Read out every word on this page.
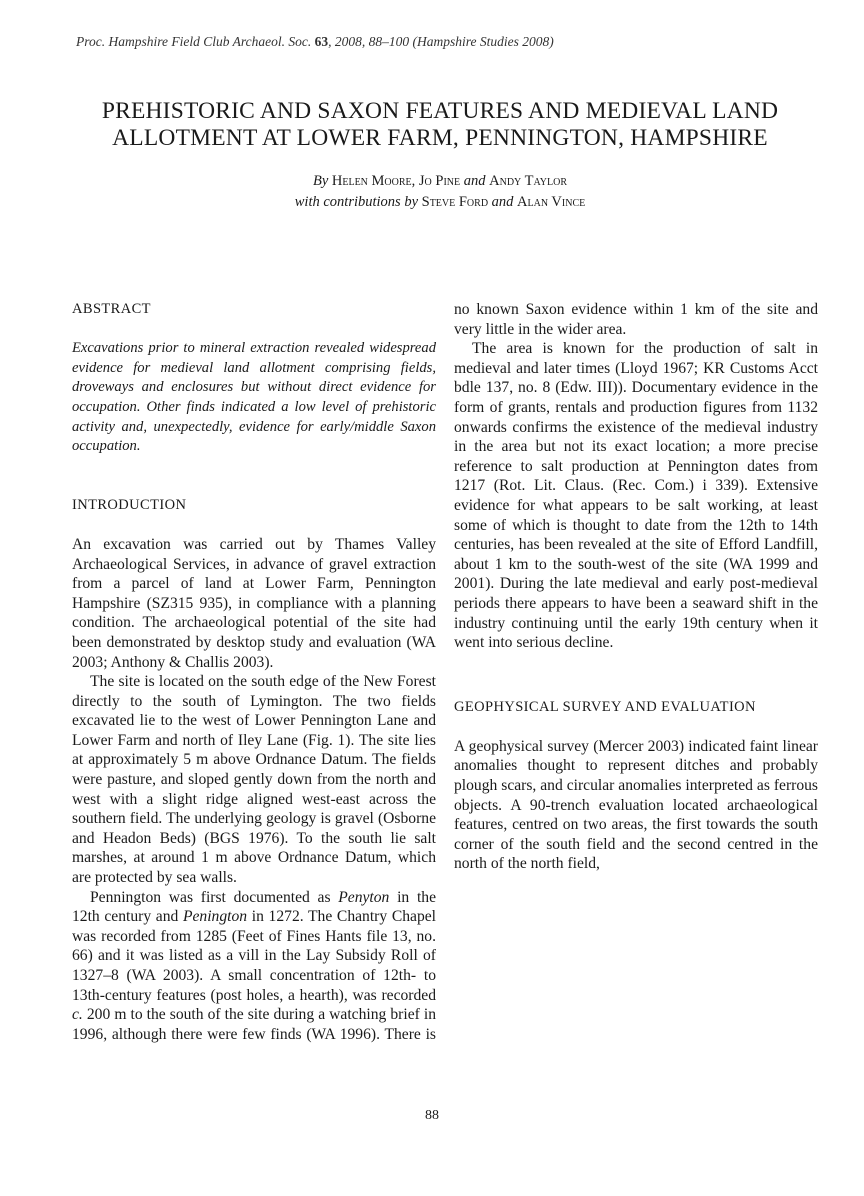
Proc. Hampshire Field Club Archaeol. Soc. 63, 2008, 88–100 (Hampshire Studies 2008)
PREHISTORIC AND SAXON FEATURES AND MEDIEVAL LAND
ALLOTMENT AT LOWER FARM, PENNINGTON, HAMPSHIRE
By Helen Moore, Jo Pine and Andy Taylor
with contributions by Steve Ford and Alan Vince
ABSTRACT

Excavations prior to mineral extraction revealed widespread evidence for medieval land allotment comprising fields, droveways and enclosures but without direct evidence for occupation. Other finds indicated a low level of prehistoric activity and, unexpectedly, evidence for early/middle Saxon occupation.

INTRODUCTION

An excavation was carried out by Thames Valley Archaeological Services, in advance of gravel extraction from a parcel of land at Lower Farm, Pennington Hampshire (SZ315 935), in compliance with a planning condition. The archaeological potential of the site had been demonstrated by desktop study and evaluation (WA 2003; Anthony & Challis 2003).

The site is located on the south edge of the New Forest directly to the south of Lymington. The two fields excavated lie to the west of Lower Pennington Lane and Lower Farm and north of Iley Lane (Fig. 1). The site lies at approximately 5 m above Ordnance Datum. The fields were pasture, and sloped gently down from the north and west with a slight ridge aligned west-east across the southern field. The underlying geology is gravel (Osborne and Headon Beds) (BGS 1976). To the south lie salt marshes, at around 1 m above Ordnance Datum, which are protected by sea walls.

Pennington was first documented as Penyton in the 12th century and Penington in 1272. The Chantry Chapel was recorded from 1285 (Feet of Fines Hants file 13, no. 66) and it was listed as a vill in the Lay Subsidy Roll of 1327–8 (WA 2003). A small concentration of 12th- to 13th-century features (post holes, a hearth), was recorded c. 200 m to the south of the site during a watching brief in 1996, although there were few finds (WA 1996). There is

no known Saxon evidence within 1 km of the site and very little in the wider area.

The area is known for the production of salt in medieval and later times (Lloyd 1967; KR Customs Acct bdle 137, no. 8 (Edw. III)). Documentary evidence in the form of grants, rentals and production figures from 1132 onwards confirms the existence of the medieval industry in the area but not its exact location; a more precise reference to salt production at Pennington dates from 1217 (Rot. Lit. Claus. (Rec. Com.) i 339). Extensive evidence for what appears to be salt working, at least some of which is thought to date from the 12th to 14th centuries, has been revealed at the site of Efford Landfill, about 1 km to the south-west of the site (WA 1999 and 2001). During the late medieval and early post-medieval periods there appears to have been a seaward shift in the industry continuing until the early 19th century when it went into serious decline.

GEOPHYSICAL SURVEY AND EVALUATION

A geophysical survey (Mercer 2003) indicated faint linear anomalies thought to represent ditches and probably plough scars, and circular anomalies interpreted as ferrous objects. A 90-trench evaluation located archaeological features, centred on two areas, the first towards the south corner of the south field and the second centred in the north of the north field,

88
